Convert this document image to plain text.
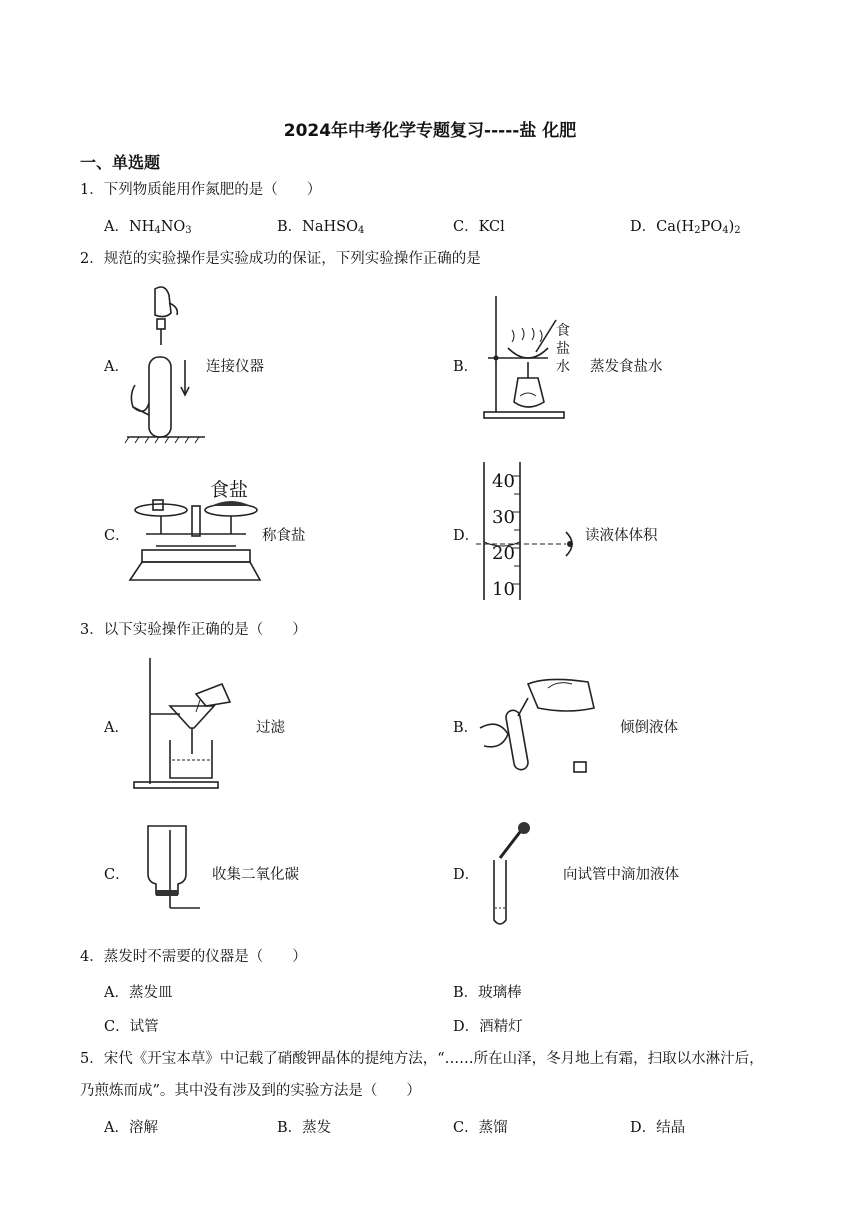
2024年中考化学专题复习-----盐 化肥
一、单选题
1．下列物质能用作氮肥的是（　　）
A．$NH_4NO_3$	B．NaHSO$_4$	C．KCl	D．$Ca(H_2PO_4)_2$
2．规范的实验操作是实验成功的保证，下列实验操作正确的是
A．	连接仪器	B．
食
盐
水 蒸发食盐水
C．
食盐
称食盐	D．
40
30
20
10
读液体体积
3．以下实验操作正确的是（　　）
A．	过滤	B．	倾倒液体
C．	收集二氧化碳	D．	向试管中滴加液体
4．蒸发时不需要的仪器是（　　）
A．蒸发皿	B．玻璃棒
C．试管	D．酒精灯
5．宋代《开宝本草》中记载了硝酸钾晶体的提纯方法，“……所在山泽，冬月地上有霜，扫取以水淋汁后，
乃煎炼而成”。其中没有涉及到的实验方法是（　　）
A．溶解	B．蒸发	C．蒸馏	D．结晶
